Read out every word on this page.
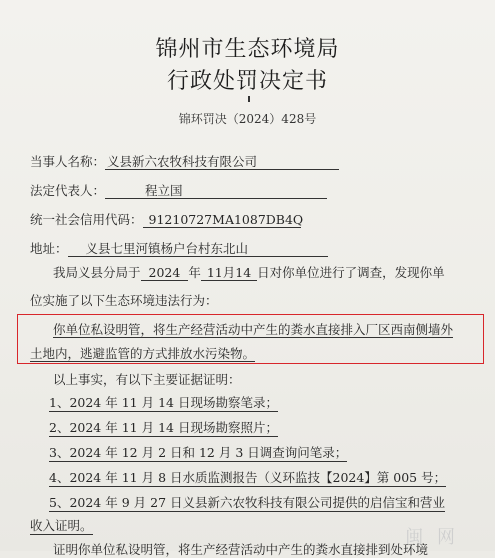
锦州市生态环境局
行政处罚决定书
锦环罚决（2024）428号
当事人名称： 义县新六农牧科技有限公司
法定代表人：	程立国
统一社会信用代码： 91210727MA1087DB4Q
地址： 义县七里河镇杨户台村东北山
我局义县分局于 2024 年 11月14 日对你单位进行了调查，发现你单
位实施了以下生态环境违法行为：
你单位私设明管，将生产经营活动中产生的粪水直接排入厂区西南侧墙外
土地内，逃避监管的方式排放水污染物。
以上事实，有以下主要证据证明：
1、2024 年 11 月 14 日现场勘察笔录；
2、2024 年 11 月 14 日现场勘察照片；
3、2024 年 12 月 2 日和 12 月 3 日调查询问笔录；
4、2024 年 11 月 8 日水质监测报告（义环监技【2024】第 005 号；
5、2024 年 9 月 27 日义县新六农牧科技有限公司提供的启信宝和营业
收入证明。
证明你单位私设明管，将生产经营活动中产生的粪水直接排到处环境
闽 网
